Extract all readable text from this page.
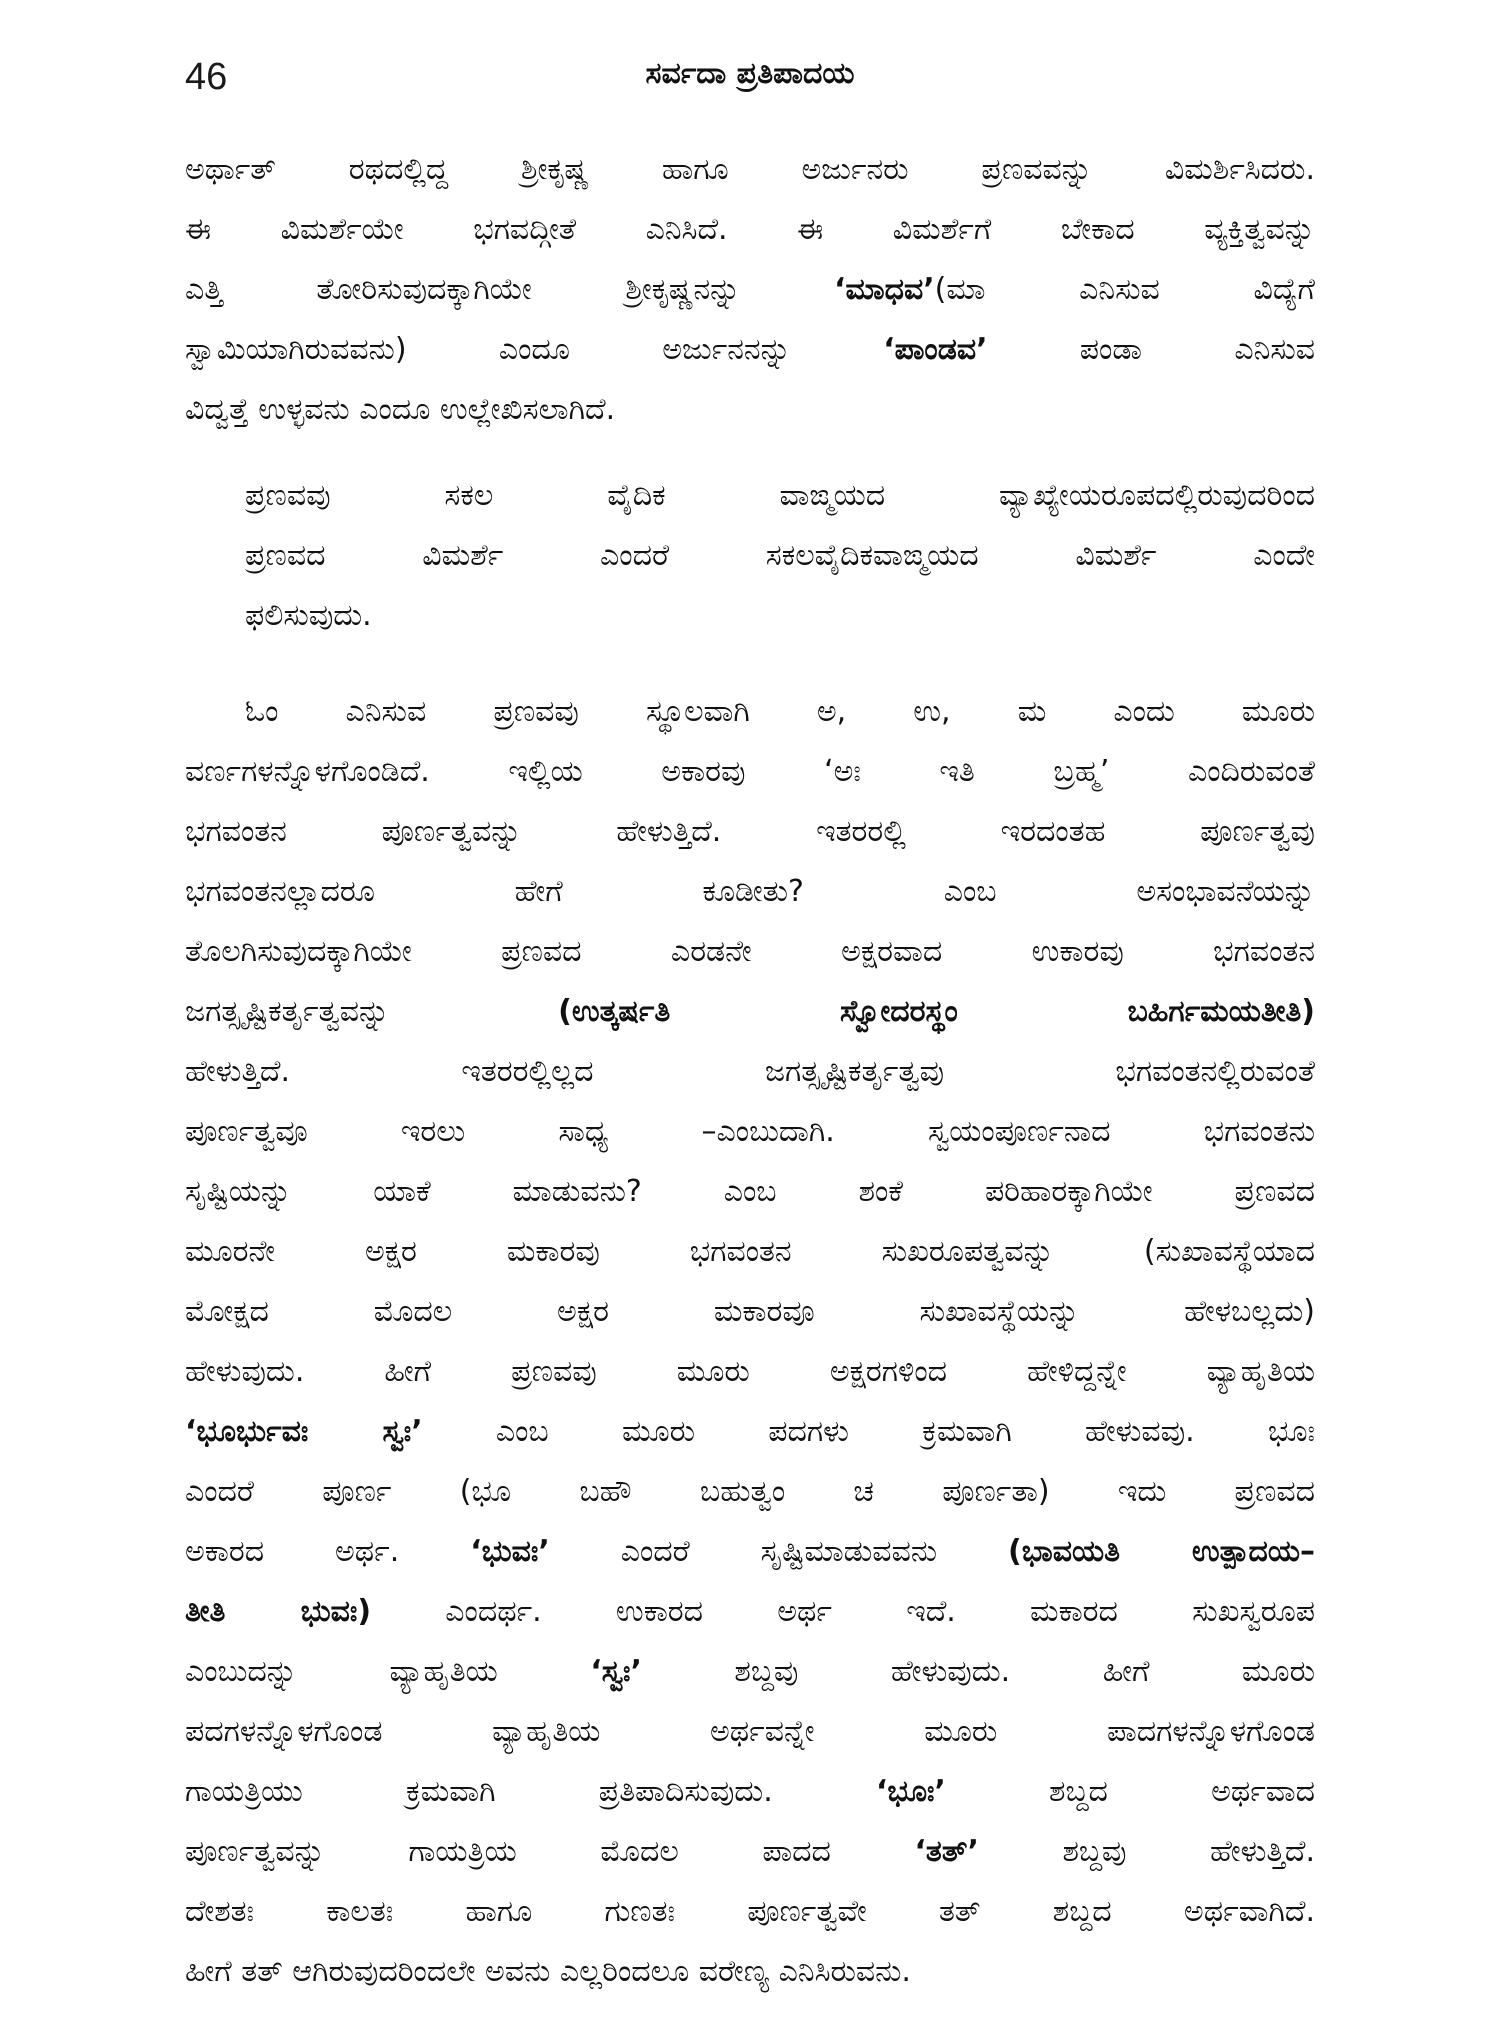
46	ಸರ್ವದಾ ಪ್ರತಿಪಾದಯ

ಅರ್ಥಾತ್ ರಥದಲ್ಲಿದ್ದ ಶ್ರೀಕೃಷ್ಣ ಹಾಗೂ ಅರ್ಜುನರು ಪ್ರಣವವನ್ನು ವಿಮರ್ಶಿಸಿದರು.
ಈ ವಿಮರ್ಶೆಯೇ ಭಗವದ್ಗೀತೆ ಎನಿಸಿದೆ. ಈ ವಿಮರ್ಶೆಗೆ ಬೇಕಾದ ವ್ಯಕ್ತಿತ್ವವನ್ನು
ಎತ್ತಿ ತೋರಿಸುವುದಕ್ಕಾಗಿಯೇ ಶ್ರೀಕೃಷ್ಣನನ್ನು ‘ಮಾಧವ’(ಮಾ ಎನಿಸುವ ವಿದ್ಯೆಗೆ
ಸ್ವಾಮಿಯಾಗಿರುವವನು) ಎಂದೂ ಅರ್ಜುನನನ್ನು ‘ಪಾಂಡವ’ ಪಂಡಾ ಎನಿಸುವ
ವಿದ್ವತ್ತೆ ಉಳ್ಳವನು ಎಂದೂ ಉಲ್ಲೇಖಿಸಲಾಗಿದೆ.

ಪ್ರಣವವು ಸಕಲ ವೈದಿಕ ವಾಙ್ಮಯದ ವ್ಯಾಖ್ಯೇಯರೂಪದಲ್ಲಿರುವುದರಿಂದ
ಪ್ರಣವದ ವಿಮರ್ಶೆ ಎಂದರೆ ಸಕಲವೈದಿಕವಾಙ್ಮಯದ ವಿಮರ್ಶೆ ಎಂದೇ
ಫಲಿಸುವುದು.

ಓಂ ಎನಿಸುವ ಪ್ರಣವವು ಸ್ಥೂಲವಾಗಿ ಅ, ಉ, ಮ ಎಂದು ಮೂರು
ವರ್ಣಗಳನ್ನೊಳಗೊಂಡಿದೆ. ಇಲ್ಲಿಯ ಅಕಾರವು ‘ಅಃ ಇತಿ ಬ್ರಹ್ಮ’ ಎಂದಿರುವಂತೆ
ಭಗವಂತನ ಪೂರ್ಣತ್ವವನ್ನು ಹೇಳುತ್ತಿದೆ. ಇತರರಲ್ಲಿ ಇರದಂತಹ ಪೂರ್ಣತ್ವವು
ಭಗವಂತನಲ್ಲಾದರೂ ಹೇಗೆ ಕೂಡೀತು? ಎಂಬ ಅಸಂಭಾವನೆಯನ್ನು
ತೊಲಗಿಸುವುದಕ್ಕಾಗಿಯೇ ಪ್ರಣವದ ಎರಡನೇ ಅಕ್ಷರವಾದ ಉಕಾರವು ಭಗವಂತನ
ಜಗತ್ಸೃಷ್ಟಿಕರ್ತೃತ್ವವನ್ನು (ಉತ್ಕರ್ಷತಿ ಸ್ವೋದರಸ್ಥಂ ಬಹಿರ್ಗಮಯತೀತಿ)
ಹೇಳುತ್ತಿದೆ. ಇತರರಲ್ಲಿಲ್ಲದ ಜಗತ್ಸೃಷ್ಟಿಕರ್ತೃತ್ವವು ಭಗವಂತನಲ್ಲಿರುವಂತೆ
ಪೂರ್ಣತ್ವವೂ ಇರಲು ಸಾಧ್ಯ –ಎಂಬುದಾಗಿ. ಸ್ವಯಂಪೂರ್ಣನಾದ ಭಗವಂತನು
ಸೃಷ್ಟಿಯನ್ನು ಯಾಕೆ ಮಾಡುವನು? ಎಂಬ ಶಂಕೆ ಪರಿಹಾರಕ್ಕಾಗಿಯೇ ಪ್ರಣವದ
ಮೂರನೇ ಅಕ್ಷರ ಮಕಾರವು ಭಗವಂತನ ಸುಖರೂಪತ್ವವನ್ನು (ಸುಖಾವಸ್ಥೆಯಾದ
ಮೋಕ್ಷದ ಮೊದಲ ಅಕ್ಷರ ಮಕಾರವೂ ಸುಖಾವಸ್ಥೆಯನ್ನು ಹೇಳಬಲ್ಲದು)
ಹೇಳುವುದು. ಹೀಗೆ ಪ್ರಣವವು ಮೂರು ಅಕ್ಷರಗಳಿಂದ ಹೇಳಿದ್ದನ್ನೇ ವ್ಯಾಹೃತಿಯ
‘ಭೂರ್ಭುವಃ ಸ್ವಃ’ ಎಂಬ ಮೂರು ಪದಗಳು ಕ್ರಮವಾಗಿ ಹೇಳುವವು. ಭೂಃ
ಎಂದರೆ ಪೂರ್ಣ (ಭೂ ಬಹೌ ಬಹುತ್ವಂ ಚ ಪೂರ್ಣತಾ) ಇದು ಪ್ರಣವದ
ಅಕಾರದ ಅರ್ಥ. ‘ಭುವಃ’ ಎಂದರೆ ಸೃಷ್ಟಿಮಾಡುವವನು (ಭಾವಯತಿ ಉತ್ಪಾದಯ–
ತೀತಿ ಭುವಃ) ಎಂದರ್ಥ. ಉಕಾರದ ಅರ್ಥ ಇದೆ. ಮಕಾರದ ಸುಖಸ್ವರೂಪ
ಎಂಬುದನ್ನು ವ್ಯಾಹೃತಿಯ ‘ಸ್ವಃ’ ಶಬ್ದವು ಹೇಳುವುದು. ಹೀಗೆ ಮೂರು
ಪದಗಳನ್ನೊಳಗೊಂಡ ವ್ಯಾಹೃತಿಯ ಅರ್ಥವನ್ನೇ ಮೂರು ಪಾದಗಳನ್ನೊಳಗೊಂಡ
ಗಾಯತ್ರಿಯು ಕ್ರಮವಾಗಿ ಪ್ರತಿಪಾದಿಸುವುದು. ‘ಭೂಃ’ ಶಬ್ದದ ಅರ್ಥವಾದ
ಪೂರ್ಣತ್ವವನ್ನು ಗಾಯತ್ರಿಯ ಮೊದಲ ಪಾದದ ‘ತತ್’ ಶಬ್ದವು ಹೇಳುತ್ತಿದೆ.
ದೇಶತಃ ಕಾಲತಃ ಹಾಗೂ ಗುಣತಃ ಪೂರ್ಣತ್ವವೇ ತತ್ ಶಬ್ದದ ಅರ್ಥವಾಗಿದೆ.
ಹೀಗೆ ತತ್ ಆಗಿರುವುದರಿಂದಲೇ ಅವನು ಎಲ್ಲರಿಂದಲೂ ವರೇಣ್ಯ ಎನಿಸಿರುವನು.
